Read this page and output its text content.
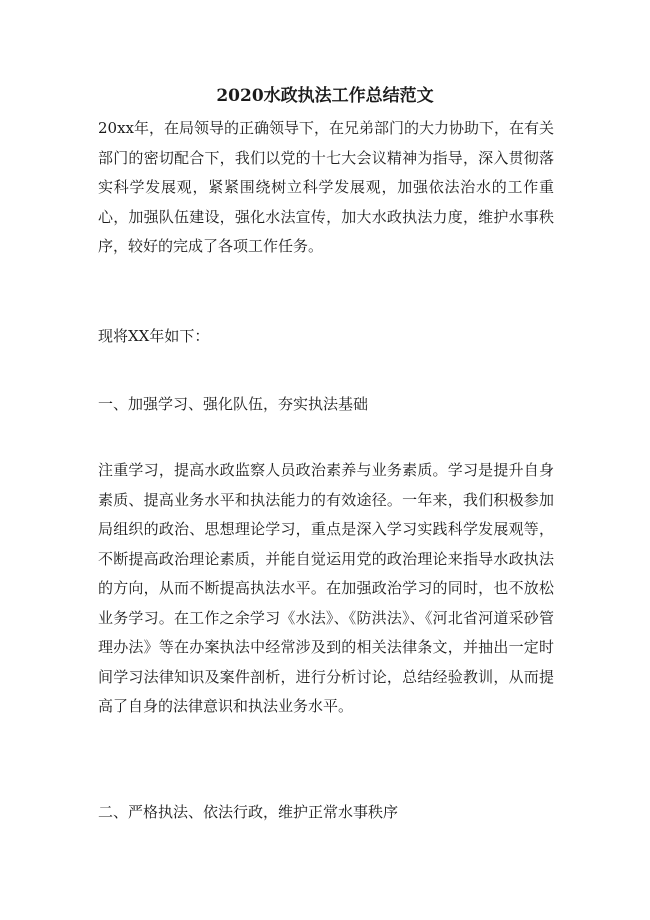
2020水政执法工作总结范文

20xx年，在局领导的正确领导下，在兄弟部门的大力协助下，在有关部门的密切配合下，我们以党的十七大会议精神为指导，深入贯彻落实科学发展观，紧紧围绕树立科学发展观，加强依法治水的工作重心，加强队伍建设，强化水法宣传，加大水政执法力度，维护水事秩序，较好的完成了各项工作任务。

现将XX年如下：

一、加强学习、强化队伍，夯实执法基础

注重学习，提高水政监察人员政治素养与业务素质。学习是提升自身素质、提高业务水平和执法能力的有效途径。一年来，我们积极参加局组织的政治、思想理论学习，重点是深入学习实践科学发展观等，不断提高政治理论素质，并能自觉运用党的政治理论来指导水政执法的方向，从而不断提高执法水平。在加强政治学习的同时，也不放松业务学习。在工作之余学习《水法》、《防洪法》、《河北省河道采砂管理办法》等在办案执法中经常涉及到的相关法律条文，并抽出一定时间学习法律知识及案件剖析，进行分析讨论，总结经验教训，从而提高了自身的法律意识和执法业务水平。

二、严格执法、依法行政，维护正常水事秩序
